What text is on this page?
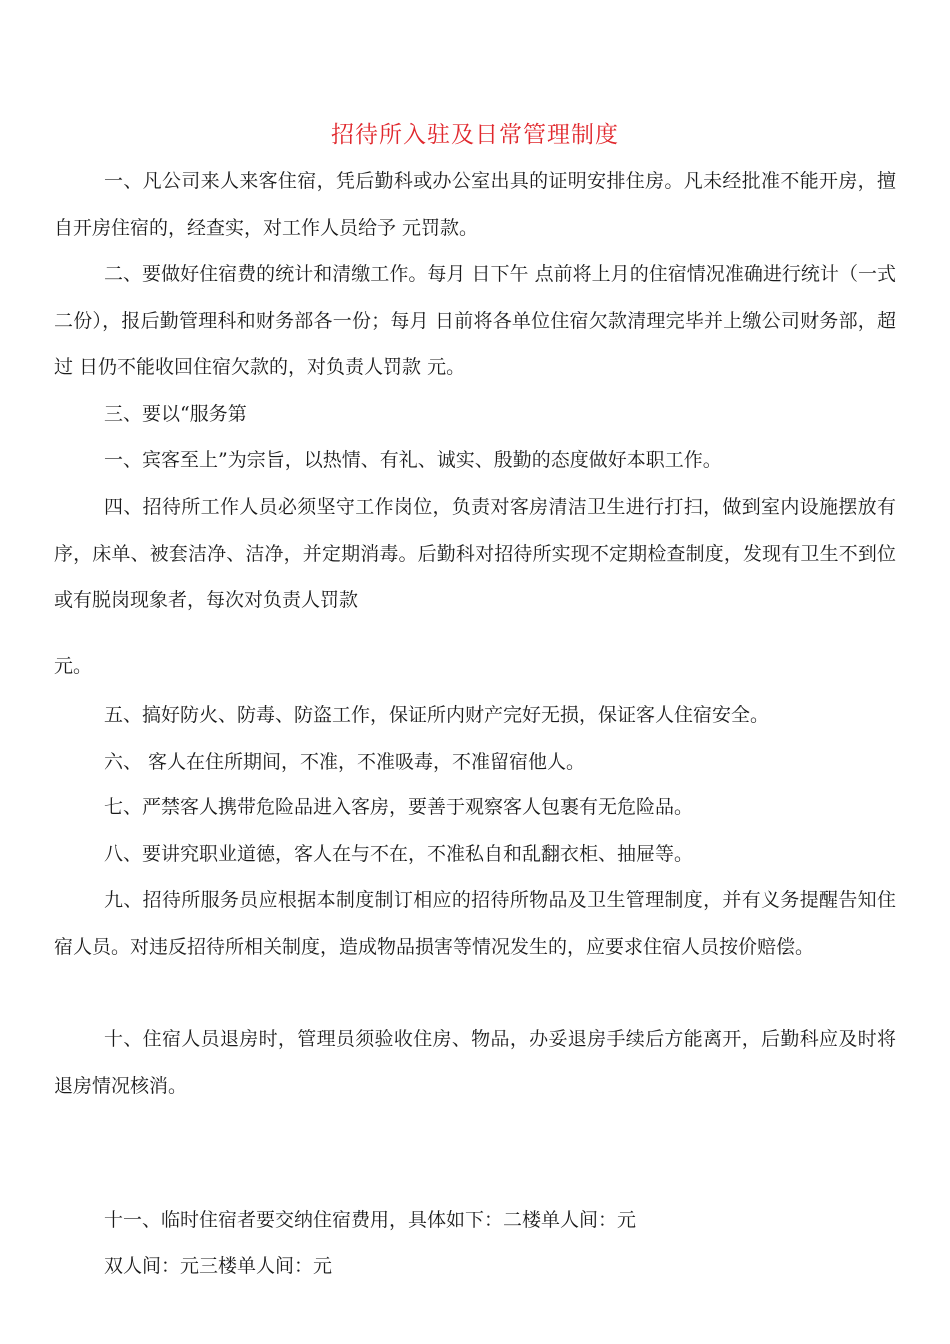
招待所入驻及日常管理制度
一、凡公司来人来客住宿，凭后勤科或办公室出具的证明安排住房。凡未经批准不能开房，擅自开房住宿的，经查实，对工作人员给予 元罚款。
二、要做好住宿费的统计和清缴工作。每月 日下午 点前将上月的住宿情况准确进行统计（一式二份），报后勤管理科和财务部各一份；每月 日前将各单位住宿欠款清理完毕并上缴公司财务部，超过 日仍不能收回住宿欠款的，对负责人罚款 元。
三、要以“服务第
一、宾客至上”为宗旨，以热情、有礼、诚实、殷勤的态度做好本职工作。
四、招待所工作人员必须坚守工作岗位，负责对客房清洁卫生进行打扫，做到室内设施摆放有序，床单、被套洁净、洁净，并定期消毒。后勤科对招待所实现不定期检查制度，发现有卫生不到位或有脱岗现象者，每次对负责人罚款
元。
五、搞好防火、防毒、防盗工作，保证所内财产完好无损，保证客人住宿安全。
六、 客人在住所期间，不准，不准吸毒，不准留宿他人。
七、严禁客人携带危险品进入客房，要善于观察客人包裹有无危险品。
八、要讲究职业道德，客人在与不在，不准私自和乱翻衣柜、抽屉等。
九、招待所服务员应根据本制度制订相应的招待所物品及卫生管理制度，并有义务提醒告知住宿人员。对违反招待所相关制度，造成物品损害等情况发生的，应要求住宿人员按价赔偿。
十、住宿人员退房时，管理员须验收住房、物品，办妥退房手续后方能离开，后勤科应及时将退房情况核消。
十一、临时住宿者要交纳住宿费用，具体如下：二楼单人间：元
双人间：元三楼单人间：元
